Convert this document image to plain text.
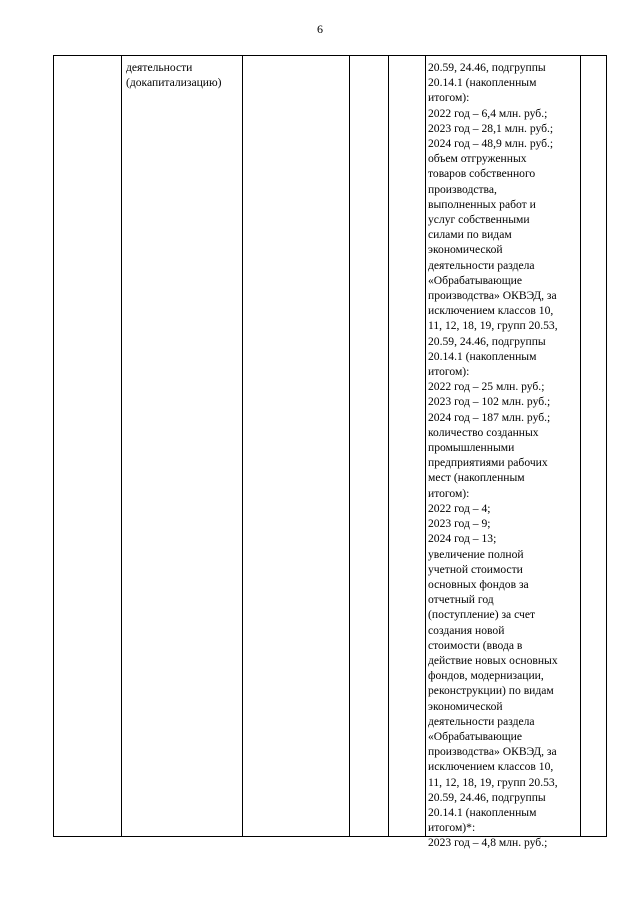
6
деятельности
(докапитализацию)
20.59, 24.46, подгруппы
20.14.1 (накопленным
итогом):
2022 год – 6,4 млн. руб.;
2023 год – 28,1 млн. руб.;
2024 год – 48,9 млн. руб.;
объем отгруженных
товаров собственного
производства,
выполненных работ и
услуг собственными
силами по видам
экономической
деятельности раздела
«Обрабатывающие
производства» ОКВЭД, за
исключением классов 10,
11, 12, 18, 19, групп 20.53,
20.59, 24.46, подгруппы
20.14.1 (накопленным
итогом):
2022 год – 25 млн. руб.;
2023 год – 102 млн. руб.;
2024 год – 187 млн. руб.;
количество созданных
промышленными
предприятиями рабочих
мест (накопленным
итогом):
2022 год – 4;
2023 год – 9;
2024 год – 13;
увеличение полной
учетной стоимости
основных фондов за
отчетный год
(поступление) за счет
создания новой
стоимости (ввода в
действие новых основных
фондов, модернизации,
реконструкции) по видам
экономической
деятельности раздела
«Обрабатывающие
производства» ОКВЭД, за
исключением классов 10,
11, 12, 18, 19, групп 20.53,
20.59, 24.46, подгруппы
20.14.1 (накопленным
итогом)*:
2023 год – 4,8 млн. руб.;
